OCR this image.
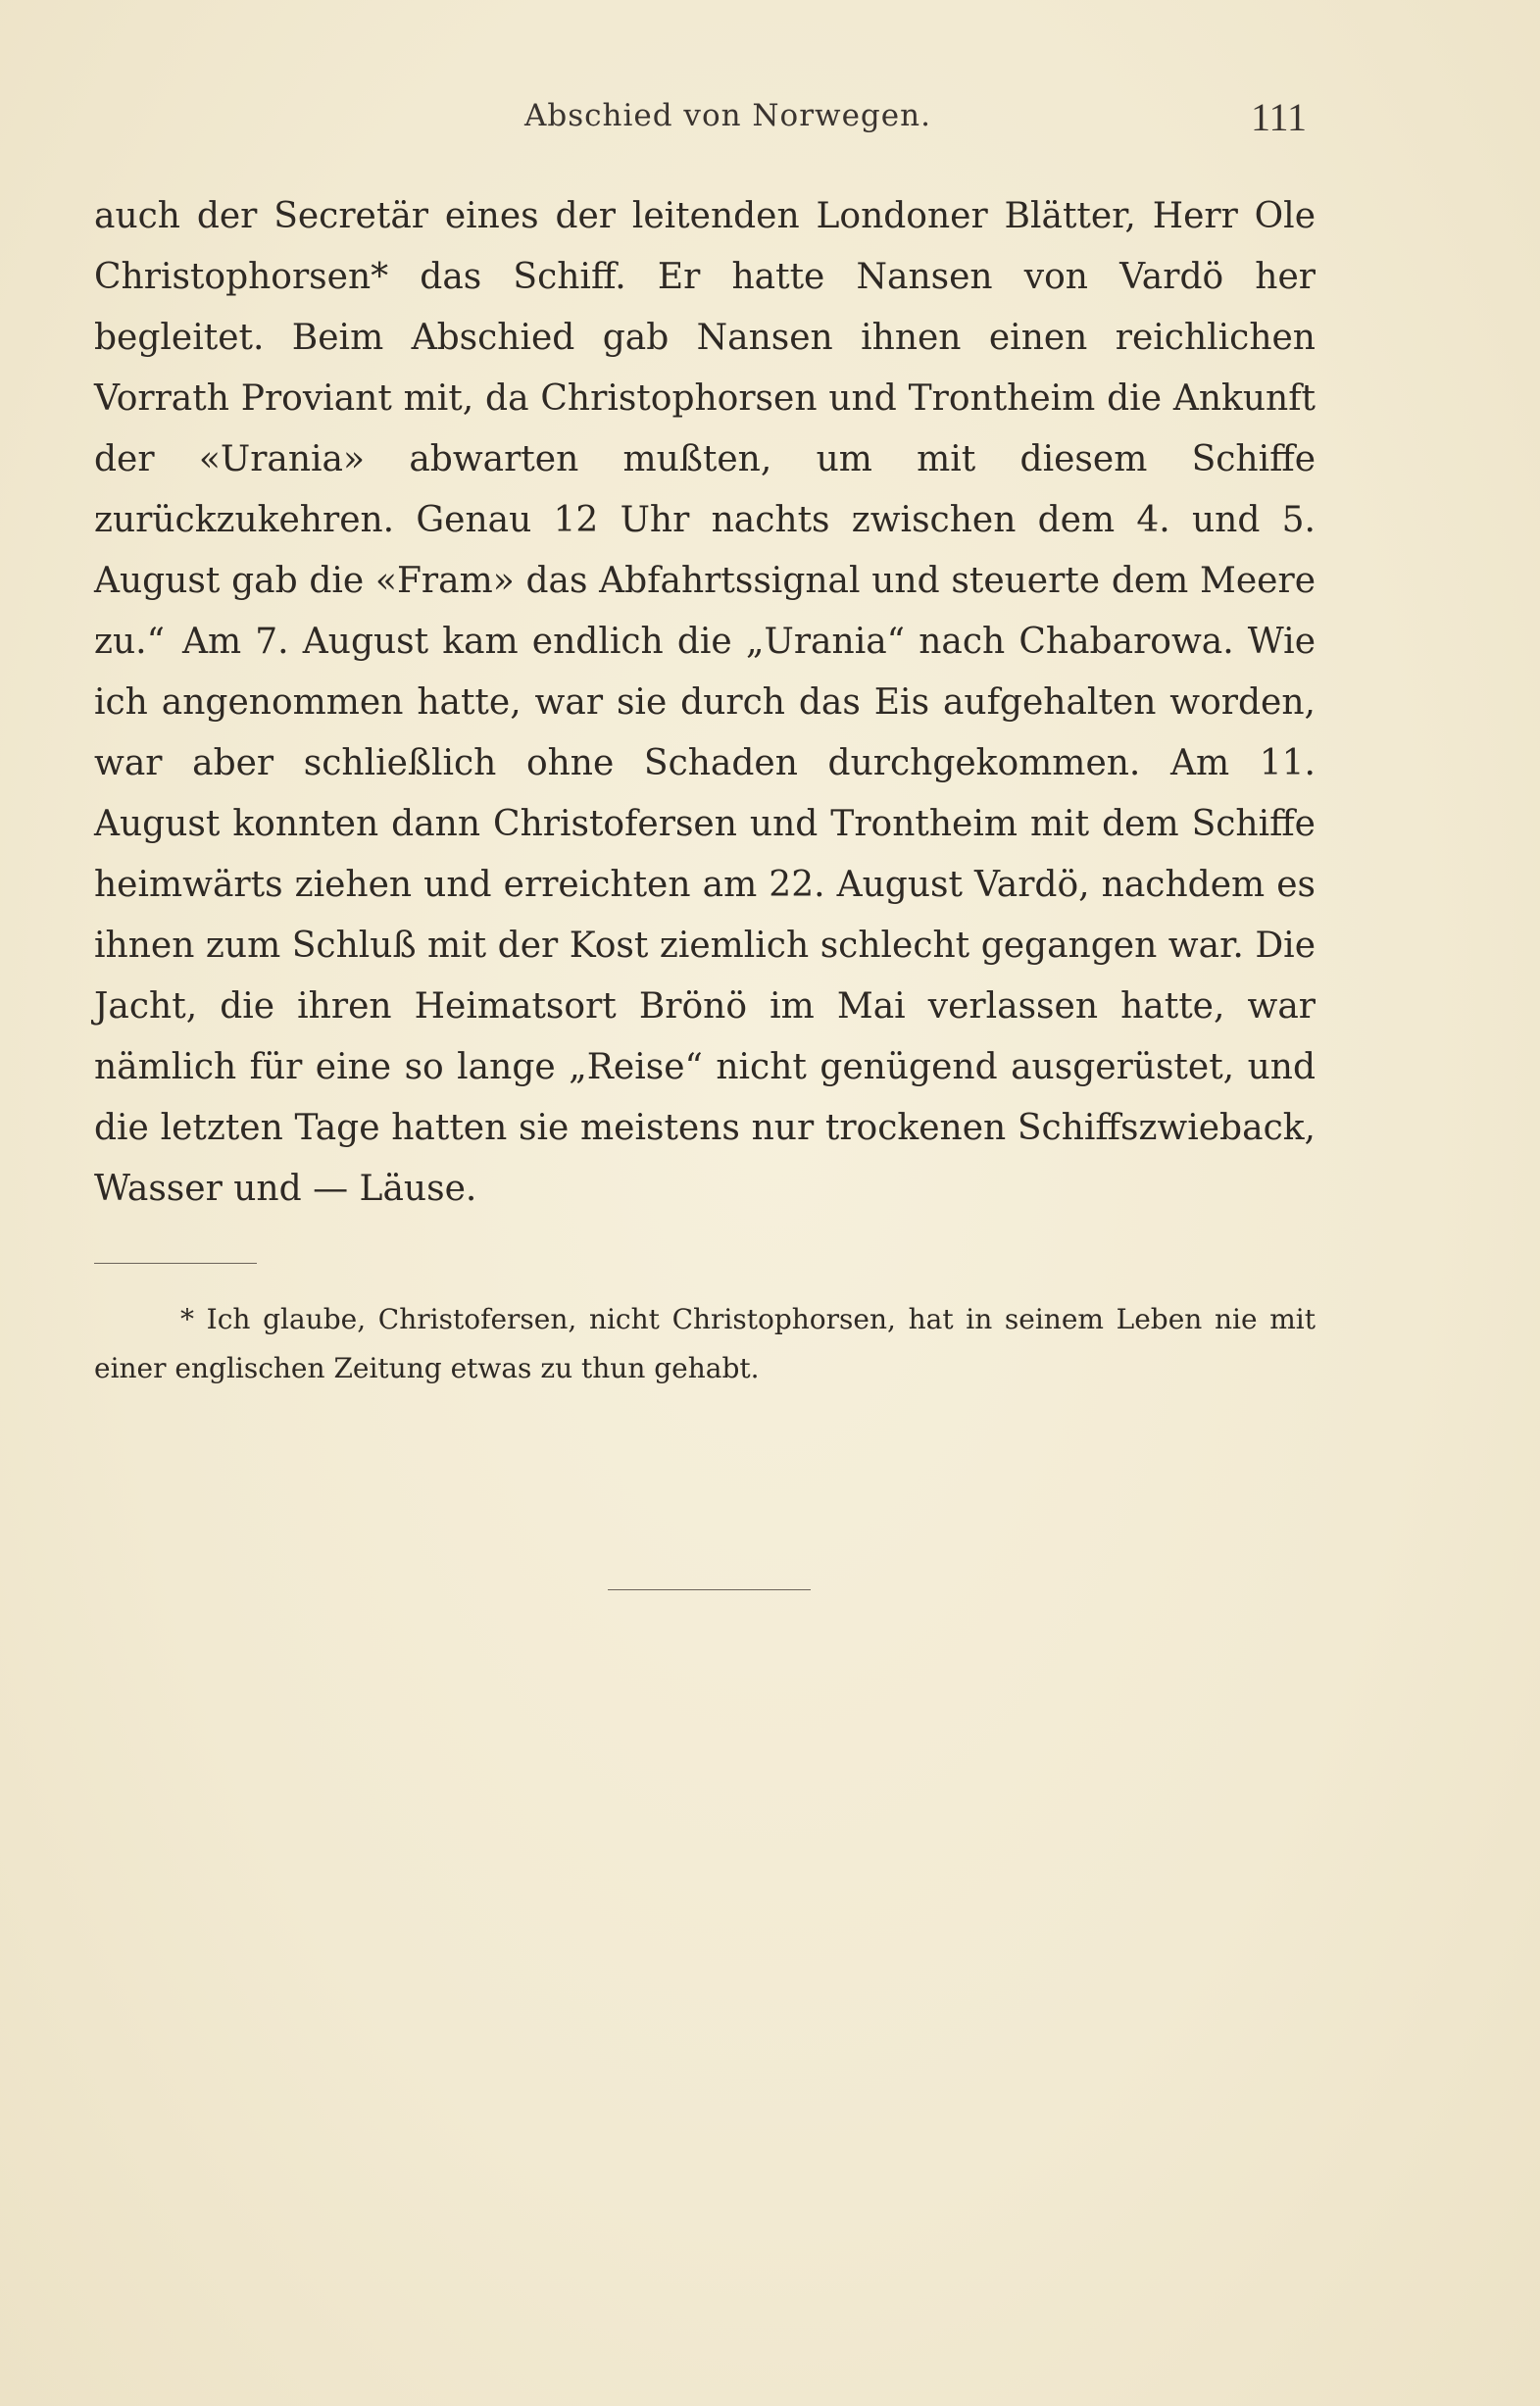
Abschied von Norwegen.	111

auch der Secretär eines der leitenden Londoner Blätter, Herr Ole Christophorsen* das Schiff. Er hatte Nansen von Vardö her begleitet. Beim Abschied gab Nansen ihnen einen reichlichen Vorrath Proviant mit, da Christophorsen und Trontheim die Ankunft der «Urania» abwarten mußten, um mit diesem Schiffe zurückzukehren. Genau 12 Uhr nachts zwischen dem 4. und 5. August gab die «Fram» das Abfahrtssignal und steuerte dem Meere zu.“ Am 7. August kam endlich die „Urania“ nach Chabarowa. Wie ich angenommen hatte, war sie durch das Eis aufgehalten worden, war aber schließlich ohne Schaden durchgekommen. Am 11. August konnten dann Christofersen und Trontheim mit dem Schiffe heimwärts ziehen und erreichten am 22. August Vardö, nachdem es ihnen zum Schluß mit der Kost ziemlich schlecht gegangen war. Die Jacht, die ihren Heimatsort Brönö im Mai verlassen hatte, war nämlich für eine so lange „Reise“ nicht genügend ausgerüstet, und die letzten Tage hatten sie meistens nur trockenen Schiffszwieback, Wasser und — Läuse.

* Ich glaube, Christofersen, nicht Christophorsen, hat in seinem Leben nie mit einer englischen Zeitung etwas zu thun gehabt.
